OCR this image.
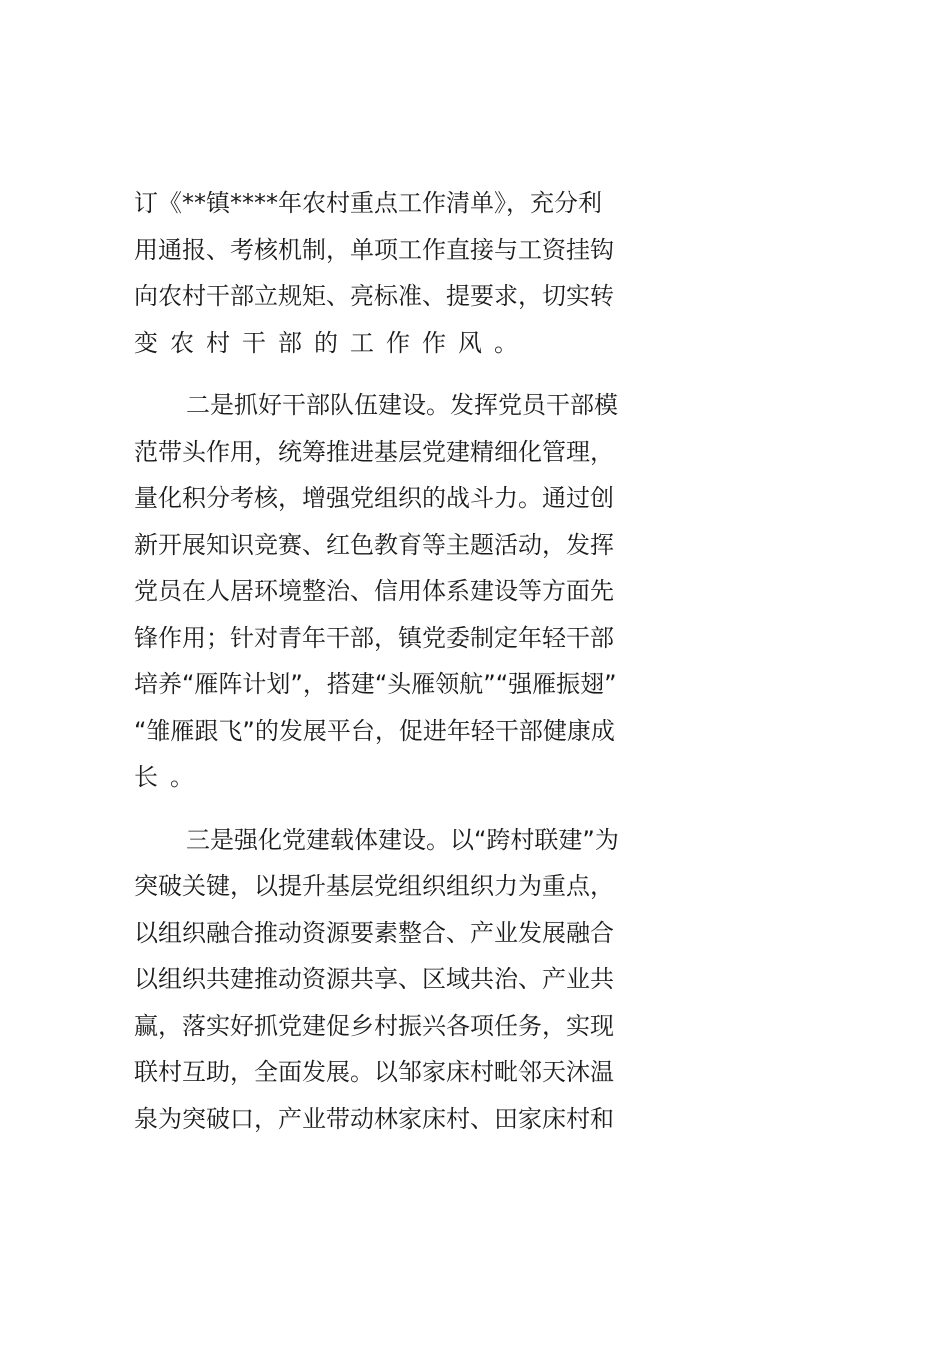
订《**镇****年农村重点工作清单》，充分利
用通报、考核机制，单项工作直接与工资挂钩
向农村干部立规矩、亮标准、提要求，切实转
变农村干部的工作作风。
二是抓好干部队伍建设。发挥党员干部模
范带头作用，统筹推进基层党建精细化管理，
量化积分考核，增强党组织的战斗力。通过创
新开展知识竞赛、红色教育等主题活动，发挥
党员在人居环境整治、信用体系建设等方面先
锋作用；针对青年干部，镇党委制定年轻干部
培养“雁阵计划”，搭建“头雁领航”“强雁振翅”
“雏雁跟飞”的发展平台，促进年轻干部健康成
长。
三是强化党建载体建设。以“跨村联建”为
突破关键，以提升基层党组织组织力为重点，
以组织融合推动资源要素整合、产业发展融合
以组织共建推动资源共享、区域共治、产业共
赢，落实好抓党建促乡村振兴各项任务，实现
联村互助，全面发展。以邹家床村毗邻天沐温
泉为突破口，产业带动林家床村、田家床村和
